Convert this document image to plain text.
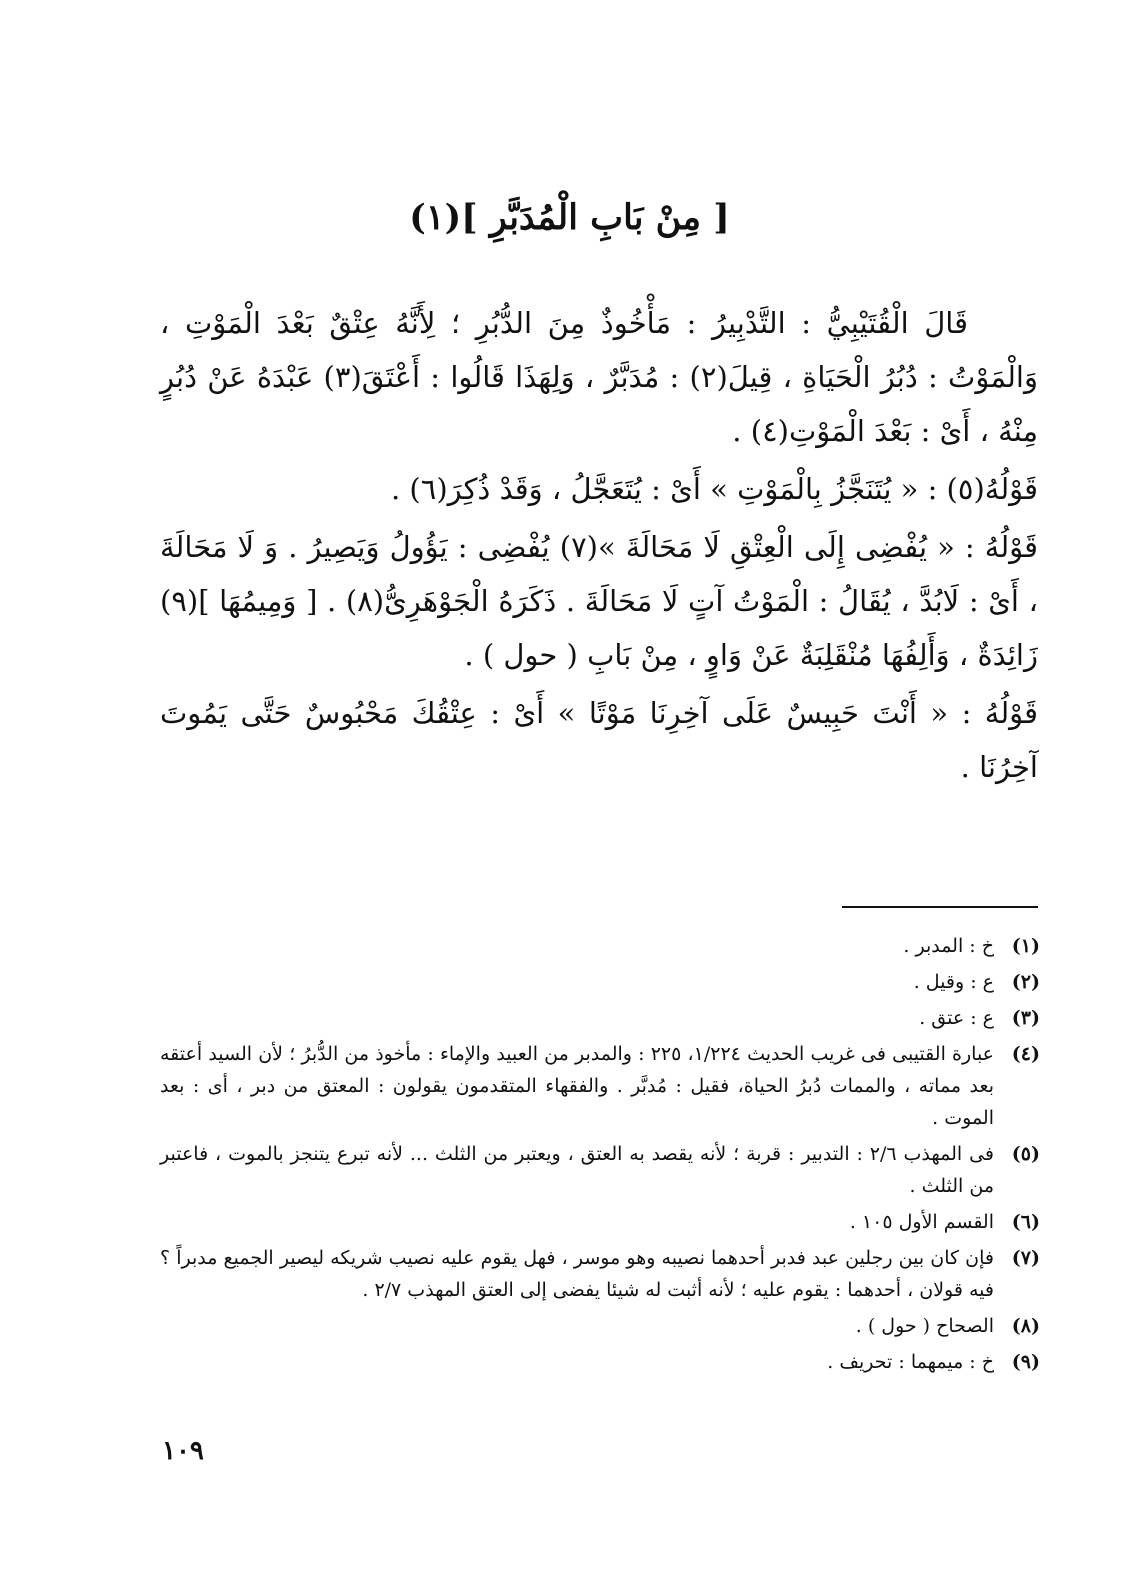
[ مِنْ بَابِ الْمُدَبَّرِ ](١)

قَالَ الْقُتَيْبِيُّ : التَّدْبِيرُ : مَأْخُوذٌ مِنَ الدُّبُرِ ؛ لِأَنَّهُ عِتْقٌ بَعْدَ الْمَوْتِ ، وَالْمَوْتُ : دُبُرُ الْحَيَاةِ ، قِيلَ(٢) : مُدَبَّرٌ ، وَلِهَذَا قَالُوا : أَعْتَقَ(٣) عَبْدَهُ عَنْ دُبُرٍ مِنْهُ ، أَىْ : بَعْدَ الْمَوْتِ(٤) .

قَوْلُهُ(٥) : « يُتَنَجَّزُ بِالْمَوْتِ » أَىْ : يُتَعَجَّلُ ، وَقَدْ ذُكِرَ(٦) .

قَوْلُهُ : « يُفْضِى إِلَى الْعِتْقِ لَا مَحَالَةَ »(٧) يُفْضِى : يَؤُولُ وَيَصِيرُ . وَ لَا مَحَالَةَ ، أَىْ : لَابُدَّ ، يُقَالُ : الْمَوْتُ آتٍ لَا مَحَالَةَ . ذَكَرَهُ الْجَوْهَرِىُّ(٨) . [ وَمِيمُهَا ](٩) زَائِدَةٌ ، وَأَلِفُهَا مُنْقَلِبَةٌ عَنْ وَاوٍ ، مِنْ بَابِ ( حول ) .

قَوْلُهُ : « أَنْتَ حَبِيسٌ عَلَى آخِرِنَا مَوْتًا » أَىْ : عِتْقُكَ مَحْبُوسٌ حَتَّى يَمُوتَ آخِرُنَا .

(١)
خ : المدبر .
(٢)
ع : وقيل .
(٣)
ع : عتق .
(٤)
عبارة القتيبى فى غريب الحديث ١/٢٢٤، ٢٢٥ : والمدبر من العبيد والإماء : مأخوذ من الدُّبرُ ؛ لأن السيد أعتقه بعد مماته ، والممات دُبرُ الحياة، فقيل : مُدبَّر . والفقهاء المتقدمون يقولون : المعتق من دبر ، أى : بعد الموت .
(٥)
فى المهذب ٢/٦ : التدبير : قربة ؛ لأنه يقصد به العتق ، ويعتبر من الثلث ... لأنه تبرع يتنجز بالموت ، فاعتبر من الثلث .
(٦)
القسم الأول ١٠٥ .
(٧)
فإن كان بين رجلين عبد فدبر أحدهما نصيبه وهو موسر ، فهل يقوم عليه نصيب شريكه ليصير الجميع مدبراً ؟ فيه قولان ، أحدهما : يقوم عليه ؛ لأنه أثبت له شيئا يفضى إلى العتق المهذب ٢/٧ .
(٨)
الصحاح ( حول ) .
(٩)
خ : ميمهما : تحريف .
١٠٩
